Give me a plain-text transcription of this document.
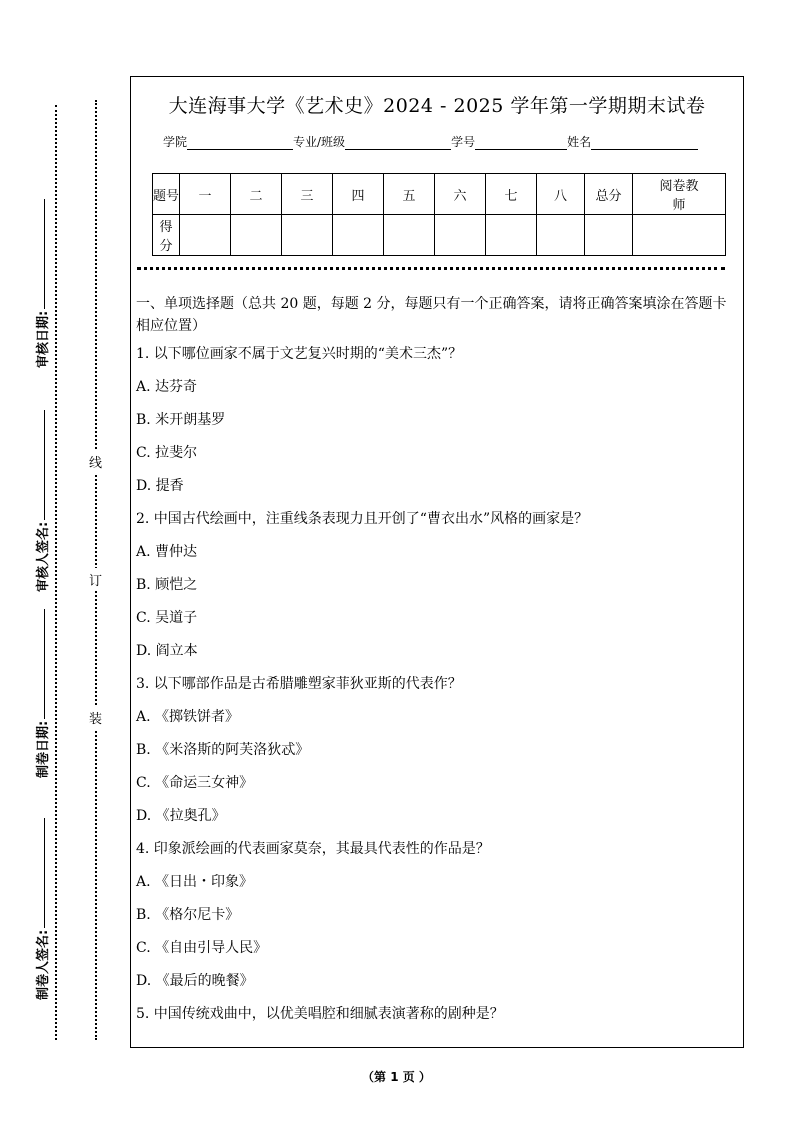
审核日期:
审核人签名:
制卷日期:
制卷人签名:
线
订
装
大连海事大学《艺术史》2024 - 2025 学年第一学期期末试卷
学院	专业/班级	学号	姓名
题号	一	二	三	四	五	六	七	八	总分	阅卷教师
得分										
一、单项选择题（总共 20 题，每题 2 分，每题只有一个正确答案，请将正确答案填涂在答题卡相应位置）
1. 以下哪位画家不属于文艺复兴时期的“美术三杰”？
A. 达芬奇
B. 米开朗基罗
C. 拉斐尔
D. 提香
2. 中国古代绘画中，注重线条表现力且开创了“曹衣出水”风格的画家是？
A. 曹仲达
B. 顾恺之
C. 吴道子
D. 阎立本
3. 以下哪部作品是古希腊雕塑家菲狄亚斯的代表作？
A. 《掷铁饼者》
B. 《米洛斯的阿芙洛狄忒》
C. 《命运三女神》
D. 《拉奥孔》
4. 印象派绘画的代表画家莫奈，其最具代表性的作品是？
A. 《日出・印象》
B. 《格尔尼卡》
C. 《自由引导人民》
D. 《最后的晚餐》
5. 中国传统戏曲中，以优美唱腔和细腻表演著称的剧种是？
（第 1 页 ）
